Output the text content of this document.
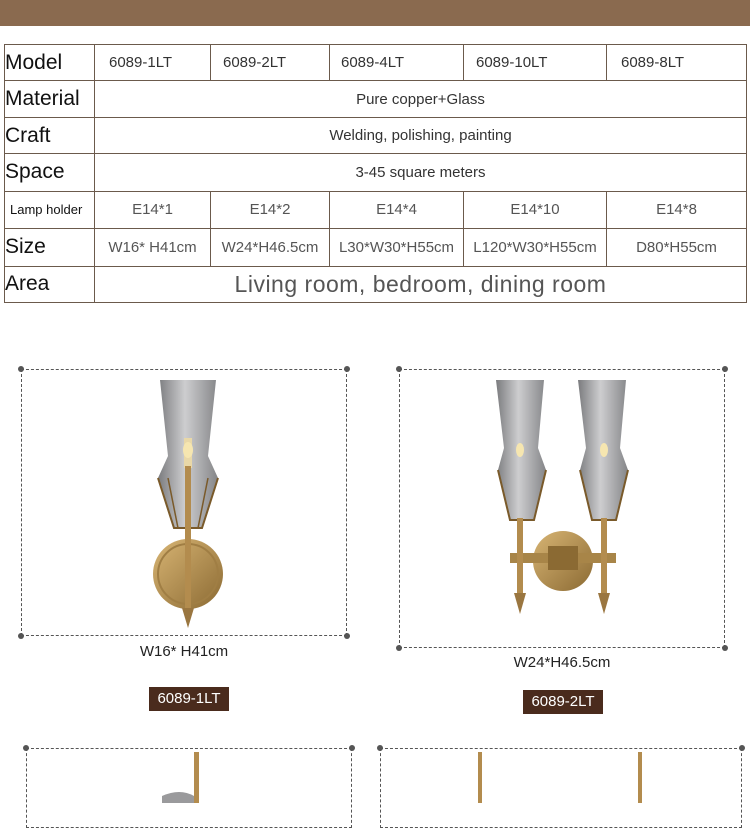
Model	6089-1LT	6089-2LT	6089-4LT	6089-10LT	6089-8LT
Material	Pure copper+Glass				
Craft	Welding, polishing, painting				
Space	3-45 square meters				
Lamp holder	E14*1	E14*2	E14*4	E14*10	E14*8
Size	W16* H41cm	W24*H46.5cm	L30*W30*H55cm	L120*W30*H55cm	D80*H55cm
Area	Living room, bedroom, dining room				
W16* H41cm
6089-1LT
W24*H46.5cm
6089-2LT
